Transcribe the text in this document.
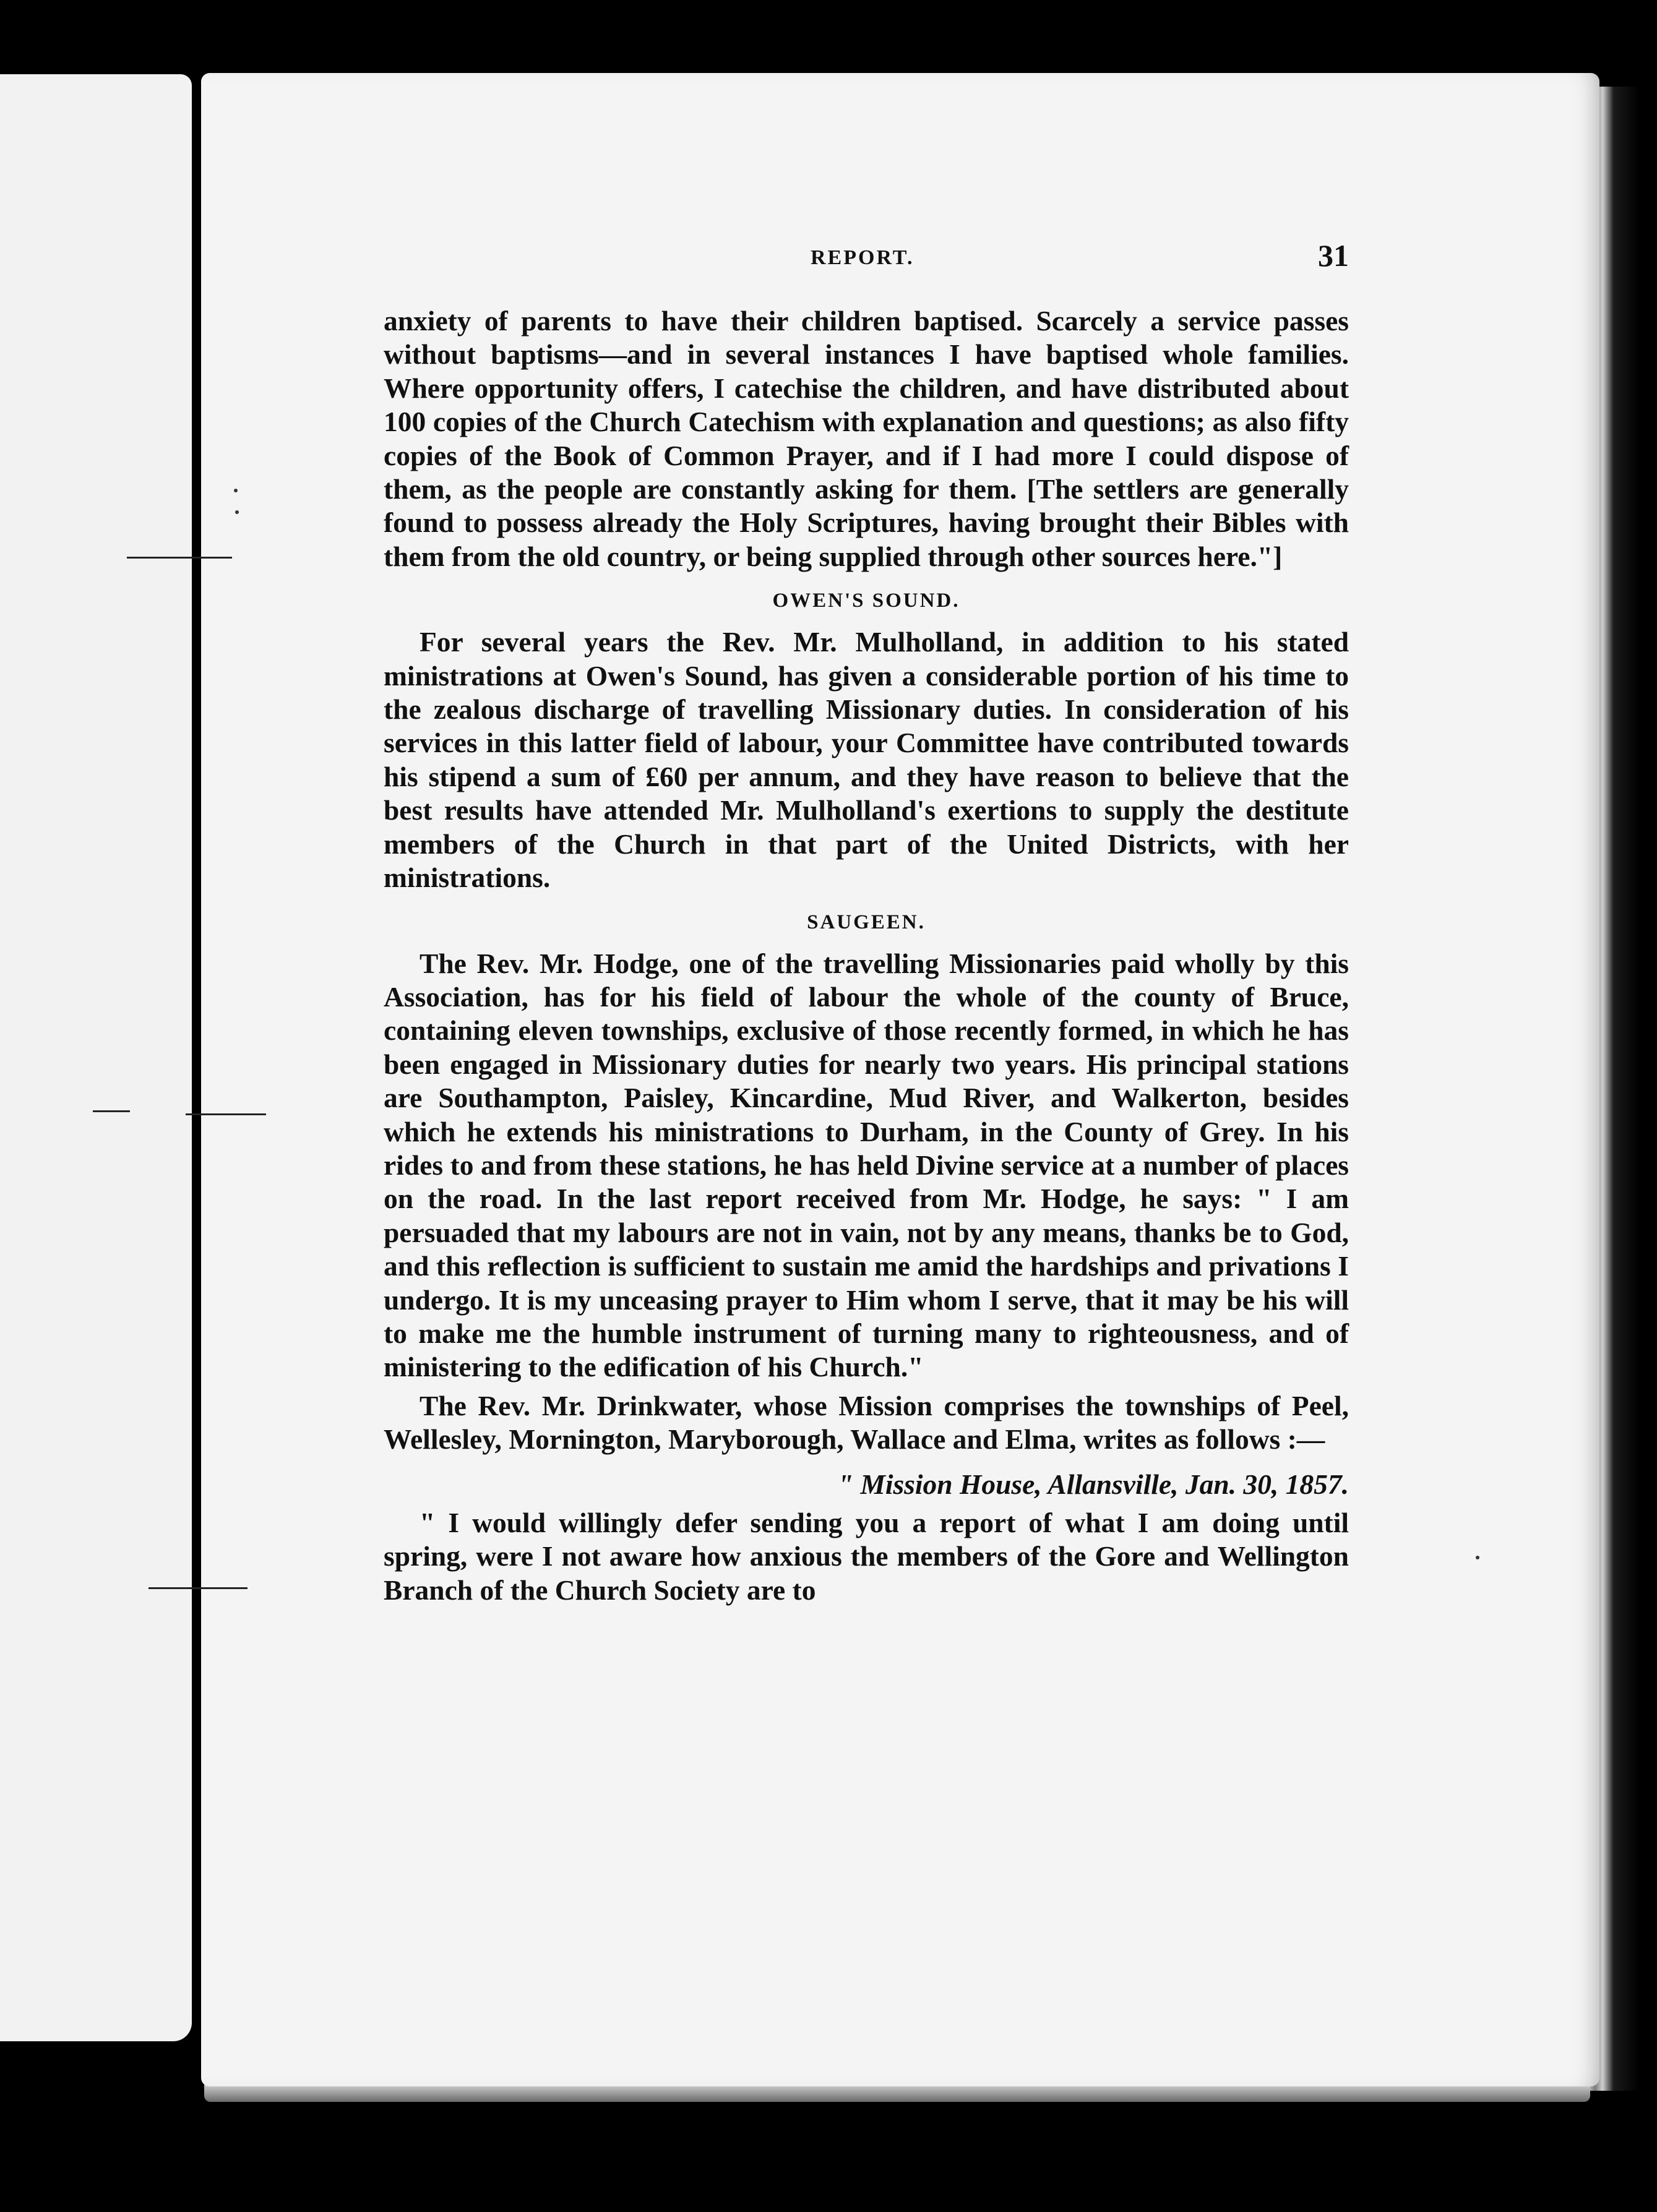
REPORT.	31

anxiety of parents to have their children baptised. Scarcely a service passes without baptisms—and in several instances I have baptised whole families. Where opportunity offers, I catechise the children, and have distributed about 100 copies of the Church Catechism with explanation and questions; as also fifty copies of the Book of Common Prayer, and if I had more I could dispose of them, as the people are constantly asking for them. [The settlers are generally found to possess already the Holy Scriptures, having brought their Bibles with them from the old country, or being supplied through other sources here."]

OWEN'S SOUND.

For several years the Rev. Mr. Mulholland, in addition to his stated ministrations at Owen's Sound, has given a considerable portion of his time to the zealous discharge of travelling Missionary duties. In consideration of his services in this latter field of labour, your Committee have contributed towards his stipend a sum of £60 per annum, and they have reason to believe that the best results have attended Mr. Mulholland's exertions to supply the destitute members of the Church in that part of the United Districts, with her ministrations.

SAUGEEN.

The Rev. Mr. Hodge, one of the travelling Missionaries paid wholly by this Association, has for his field of labour the whole of the county of Bruce, containing eleven townships, exclusive of those recently formed, in which he has been engaged in Missionary duties for nearly two years. His principal stations are Southampton, Paisley, Kincardine, Mud River, and Walkerton, besides which he extends his ministrations to Durham, in the County of Grey. In his rides to and from these stations, he has held Divine service at a number of places on the road. In the last report received from Mr. Hodge, he says: " I am persuaded that my labours are not in vain, not by any means, thanks be to God, and this reflection is sufficient to sustain me amid the hardships and privations I undergo. It is my unceasing prayer to Him whom I serve, that it may be his will to make me the humble instrument of turning many to righteousness, and of ministering to the edification of his Church."

The Rev. Mr. Drinkwater, whose Mission comprises the townships of Peel, Wellesley, Mornington, Maryborough, Wallace and Elma, writes as follows :—

" Mission House, Allansville, Jan. 30, 1857.

" I would willingly defer sending you a report of what I am doing until spring, were I not aware how anxious the members of the Gore and Wellington Branch of the Church Society are to
